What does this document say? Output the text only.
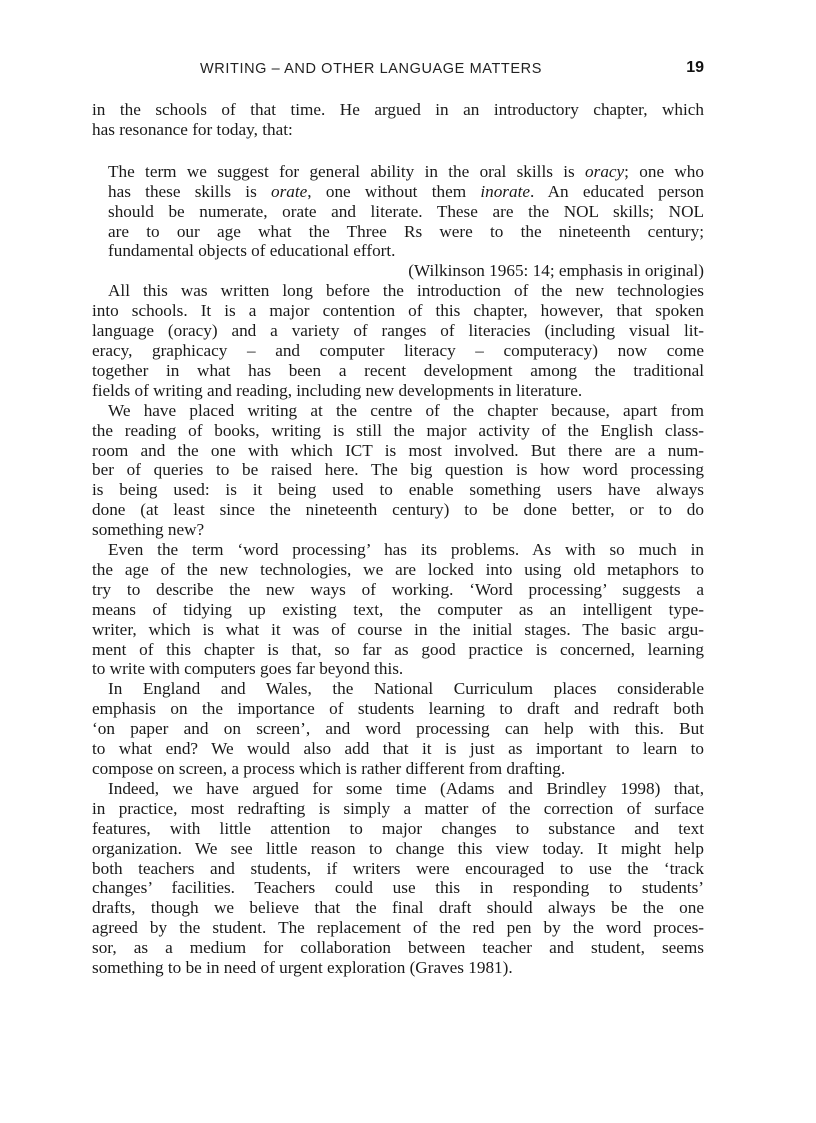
WRITING – AND OTHER LANGUAGE MATTERS	19

in the schools of that time. He argued in an introductory chapter, which
has resonance for today, that:

The term we suggest for general ability in the oral skills is oracy; one who
has these skills is orate, one without them inorate. An educated person
should be numerate, orate and literate. These are the NOL skills; NOL
are to our age what the Three Rs were to the nineteenth century;
fundamental objects of educational effort.
(Wilkinson 1965: 14; emphasis in original)

All this was written long before the introduction of the new technologies
into schools. It is a major contention of this chapter, however, that spoken
language (oracy) and a variety of ranges of literacies (including visual lit-
eracy, graphicacy – and computer literacy – computeracy) now come
together in what has been a recent development among the traditional
fields of writing and reading, including new developments in literature.

We have placed writing at the centre of the chapter because, apart from
the reading of books, writing is still the major activity of the English class-
room and the one with which ICT is most involved. But there are a num-
ber of queries to be raised here. The big question is how word processing
is being used: is it being used to enable something users have always
done (at least since the nineteenth century) to be done better, or to do
something new?

Even the term ‘word processing’ has its problems. As with so much in
the age of the new technologies, we are locked into using old metaphors to
try to describe the new ways of working. ‘Word processing’ suggests a
means of tidying up existing text, the computer as an intelligent type-
writer, which is what it was of course in the initial stages. The basic argu-
ment of this chapter is that, so far as good practice is concerned, learning
to write with computers goes far beyond this.

In England and Wales, the National Curriculum places considerable
emphasis on the importance of students learning to draft and redraft both
‘on paper and on screen’, and word processing can help with this. But
to what end? We would also add that it is just as important to learn to
compose on screen, a process which is rather different from drafting.

Indeed, we have argued for some time (Adams and Brindley 1998) that,
in practice, most redrafting is simply a matter of the correction of surface
features, with little attention to major changes to substance and text
organization. We see little reason to change this view today. It might help
both teachers and students, if writers were encouraged to use the ‘track
changes’ facilities. Teachers could use this in responding to students’
drafts, though we believe that the final draft should always be the one
agreed by the student. The replacement of the red pen by the word proces-
sor, as a medium for collaboration between teacher and student, seems
something to be in need of urgent exploration (Graves 1981).
